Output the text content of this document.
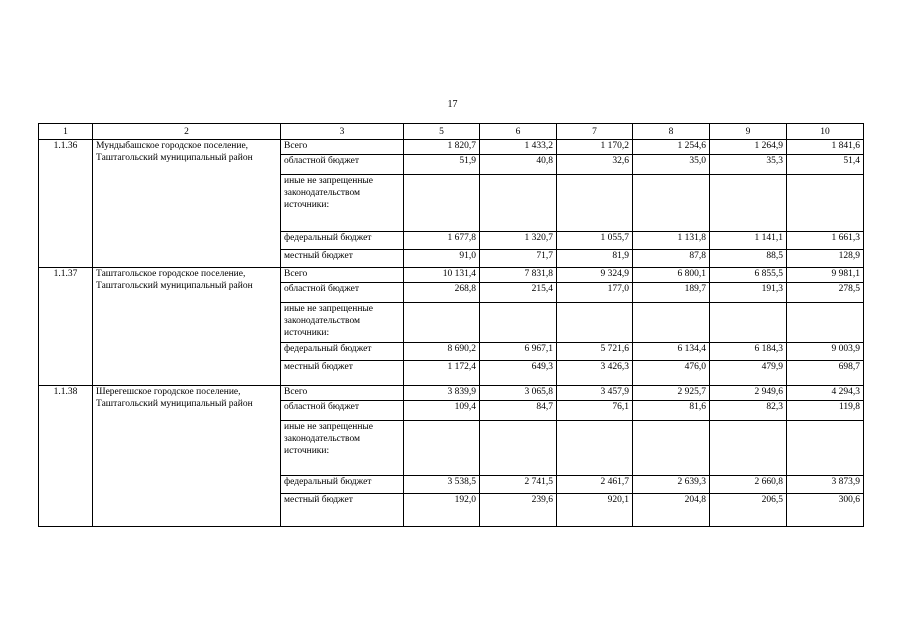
17
1	2	3	5	6	7	8	9	10
1.1.36	Мундыбашское городское поселение, Таштагольский муниципальный район	Всего	1 820,7	1 433,2	1 170,2	1 254,6	1 264,9	1 841,6
		областной бюджет	51,9	40,8	32,6	35,0	35,3	51,4
		иные не запрещенные законодательством источники:						
		федеральный бюджет	1 677,8	1 320,7	1 055,7	1 131,8	1 141,1	1 661,3
		местный бюджет	91,0	71,7	81,9	87,8	88,5	128,9
1.1.37	Таштагольское городское поселение, Таштагольский муниципальный район	Всего	10 131,4	7 831,8	9 324,9	6 800,1	6 855,5	9 981,1
		областной бюджет	268,8	215,4	177,0	189,7	191,3	278,5
		иные не запрещенные законодательством источники:						
		федеральный бюджет	8 690,2	6 967,1	5 721,6	6 134,4	6 184,3	9 003,9
		местный бюджет	1 172,4	649,3	3 426,3	476,0	479,9	698,7
1.1.38	Шерегешское городское поселение, Таштагольский муниципальный район	Всего	3 839,9	3 065,8	3 457,9	2 925,7	2 949,6	4 294,3
		областной бюджет	109,4	84,7	76,1	81,6	82,3	119,8
		иные не запрещенные законодательством источники:						
		федеральный бюджет	3 538,5	2 741,5	2 461,7	2 639,3	2 660,8	3 873,9
		местный бюджет	192,0	239,6	920,1	204,8	206,5	300,6
